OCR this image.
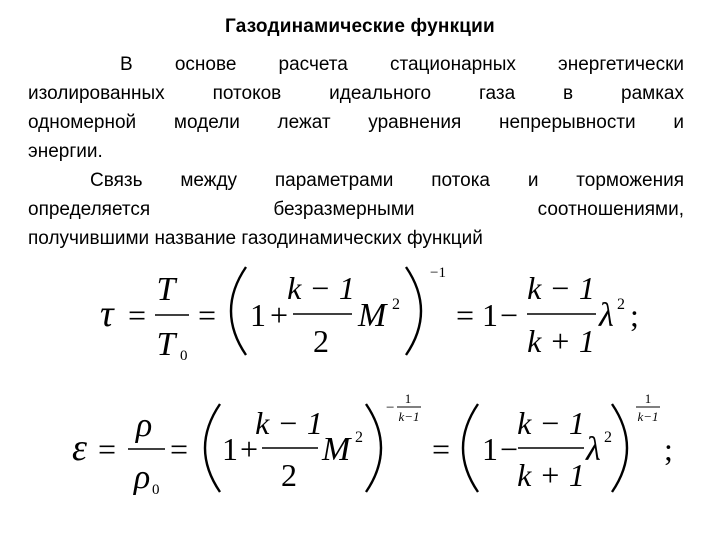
Газодинамические функции
В основе расчета стационарных энергетически
изолированных потоков идеального газа в рамках
одномерной модели лежат уравнения непрерывности и
энергии.
Связь между параметрами потока и торможения
определяется безразмерными соотношениями,
получившими название газодинамических функций
τ =
T
T 0
= 1 +
k − 1
2
M 2
−1
= 1 −
k − 1
k + 1
λ 2 ;
ε =
ρ
ρ 0
= 1 +
k − 1
2
M 2
−
1
k−1
= 1 −
k − 1
k + 1
λ 2
1
k−1
;
